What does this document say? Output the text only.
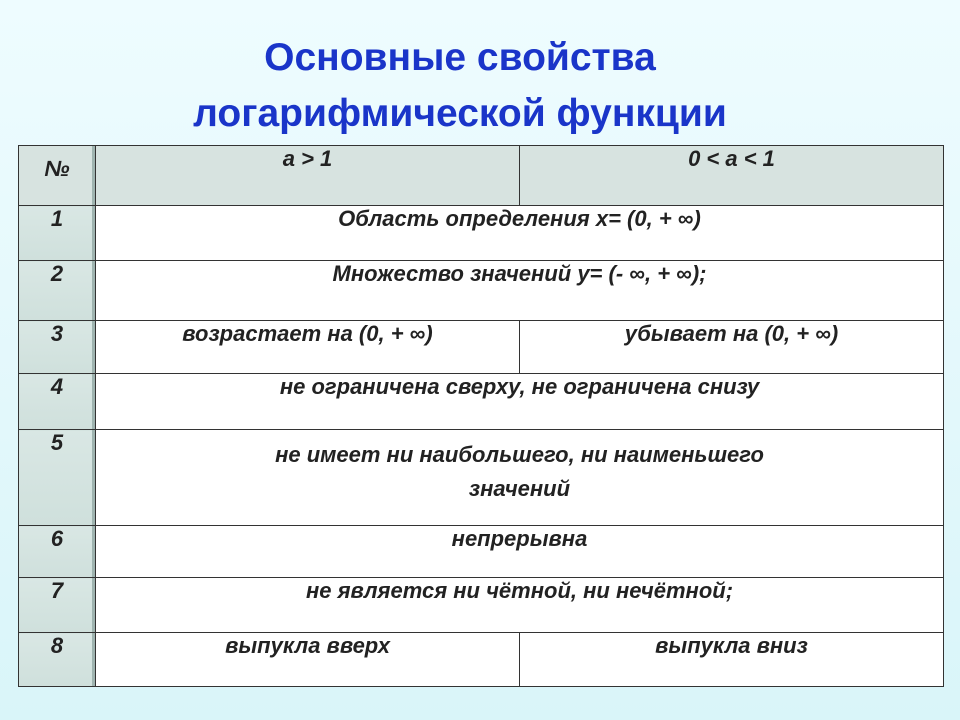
Основные свойства
логарифмической функции
№	a > 1	0 < a < 1
1	Область определения x= (0, + ∞)	
2	Множество значений y= (- ∞, + ∞);	
3	возрастает на (0, + ∞)	убывает на (0, + ∞)
4	не ограничена сверху, не ограничена снизу	
5	не имеет ни наибольшего, ни наименьшего
значений	

6	непрерывна	
7	не является ни чётной, ни нечётной;	
8	выпукла вверх	выпукла вниз
